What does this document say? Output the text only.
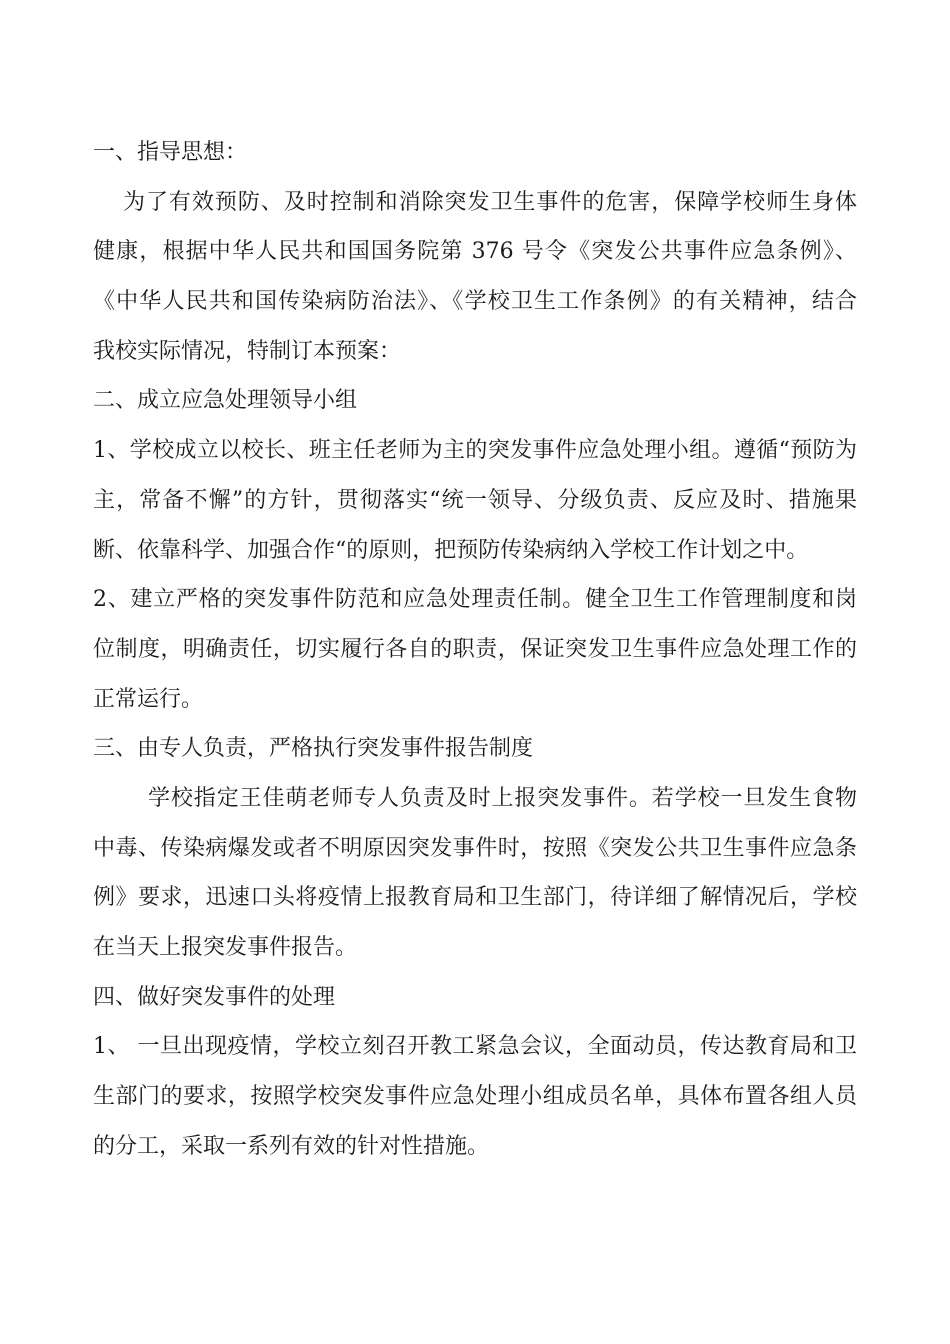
一、指导思想：
为了有效预防、及时控制和消除突发卫生事件的危害，保障学校师生身体
健康，根据中华人民共和国国务院第 376 号令《突发公共事件应急条例》、
《中华人民共和国传染病防治法》、《学校卫生工作条例》的有关精神，结合
我校实际情况，特制订本预案：
二、成立应急处理领导小组
1、学校成立以校长、班主任老师为主的突发事件应急处理小组。遵循“预防为
主，常备不懈”的方针，贯彻落实“统一领导、分级负责、反应及时、措施果
断、依靠科学、加强合作“的原则，把预防传染病纳入学校工作计划之中。
2、建立严格的突发事件防范和应急处理责任制。健全卫生工作管理制度和岗
位制度，明确责任，切实履行各自的职责，保证突发卫生事件应急处理工作的
正常运行。
三、由专人负责，严格执行突发事件报告制度
学校指定王佳萌老师专人负责及时上报突发事件。若学校一旦发生食物
中毒、传染病爆发或者不明原因突发事件时，按照《突发公共卫生事件应急条
例》要求，迅速口头将疫情上报教育局和卫生部门，待详细了解情况后，学校
在当天上报突发事件报告。
四、做好突发事件的处理
1、 一旦出现疫情，学校立刻召开教工紧急会议，全面动员，传达教育局和卫
生部门的要求，按照学校突发事件应急处理小组成员名单，具体布置各组人员
的分工，采取一系列有效的针对性措施。
